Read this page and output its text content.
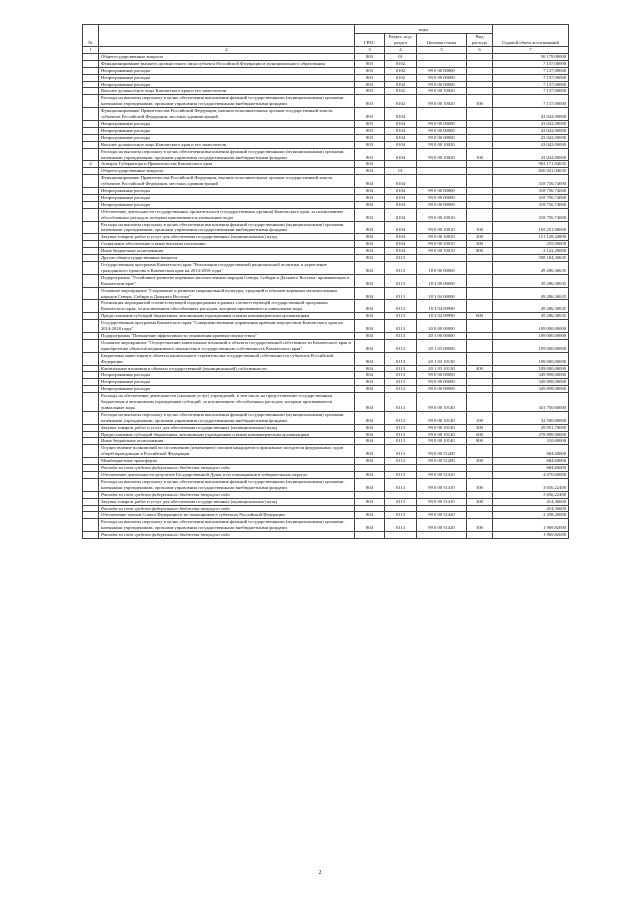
№		коды				Годовой объем ассигнований
		ГРБС	Раздел, под-раздел	Целевая статья	Вид расхода	
1	2	3	4	5	6	7
	Общегосударственные вопросы	803	01			50 179,00000
	Функционирование высшего должностного лица субъекта Российской Федерации и муниципального образования	803	0102			7 137,00000
	Непрограммные расходы	803	0102	99 0 00 00000		7 137,00000
	Непрограммные расходы	803	0102	99 0 00 00000		7 137,00000
	Непрограммные расходы	803	0102	99 0 00 00000		7 137,00000
	Высшее должностное лицо Камчатского края и его заместители	803	0102	99 0 00 10020		7 137,00000
	Расходы на выплаты персоналу в целях обеспечения выполнения функций государственными (муниципальными) органами, казенными учреждениями, органами управления государственными внебюджетными фондами	803	0102	99 0 00 10020	100	7 137,00000
	Функционирование Правительства Российской Федерации, высших исполнительных органов государственной власти субъектов Российской Федерации, местных администраций	803	0104			43 042,00000
	Непрограммные расходы	803	0104	99 0 00 00000		43 042,00000
	Непрограммные расходы	803	0104	99 0 00 00000		43 042,00000
	Непрограммные расходы	803	0104	99 0 00 00000		43 042,00000
	Высшее должностное лицо Камчатского края и его заместители	803	0104	99 0 00 10020		43 042,00000
	Расходы на выплаты персоналу в целях обеспечения выполнения функций государственными (муниципальными) органами, казенными учреждениями, органами управления государственными внебюджетными фондами	803	0104	99 0 00 10020	100	43 042,00000
4	Аппарат Губернатора и Правительства Камчатского края	804				963 171,84635
	Общегосударственные вопросы	804	01			826 941,04635
	Функционирование Правительства Российской Федерации, высших исполнительных органов государственной власти субъектов Российской Федерации, местных администраций	804	0104			318 756,74000
	Непрограммные расходы	804	0104	99 0 00 00000		318 756,74000
	Непрограммные расходы	804	0104	99 0 00 00000		318 756,74000
	Непрограммные расходы	804	0104	99 0 00 00000		318 756,74000
	Обеспечение деятельности государственных органов власти (государственных органов) Камчатского края, за исключением обособленных расходов, которым присваиваются уникальные коды	804	0104	99 0 00 10010		318 756,74000
	Расходы на выплаты персоналу в целях обеспечения выполнения функций государственными (муниципальными) органами, казенными учреждениями, органами управления государственными внебюджетными фондами	804	0104	99 0 00 10010	100	165 251,00000
	Закупка товаров, работ и услуг для обеспечения государственных (муниципальных) нужд	804	0104	99 0 00 10010	200	151 128,44809
	Социальное обеспечение и иные выплаты населению	804	0104	99 0 00 10010	300	255,00000
	Иные бюджетные ассигнования	804	0104	99 0 00 10010	800	2 122,29000
	Другие общегосударственные вопросы	804	0113			508 184,30635
	Государственная программа Камчатского края "Реализация государственной национальной политики и укрепление гражданского единства в Камчатском крае на 2014-2018 годы"	804	0113	18 0 00 00000		49 286,30635
	Подпрограмма "Устойчивое развитие коренных малочисленных народов Севера, Сибири и Дальнего Востока, проживающих в Камчатском крае"	804	0113	18 3 00 00000		49 286,30635
	Основное мероприятие "Сохранение и развитие национальной культуры, традиций и обычаев коренных малочисленных народов Севера, Сибири и Дальнего Востока"	804	0113	18 3 04 00000		49 286,30635
	Реализация мероприятий соответствующей подпрограммы в рамках соответствующей государственной программы Камчатского края, за исключением обособленных расходов, которым присваиваются уникальные коды	804	0113	18 3 04 09990		49 286,30635
	Предоставление субсидий бюджетным, автономным учреждениям и иным некоммерческим организациям	804	0113	18 3 04 09990	600	49 286,30635
	Государственная программа Камчатского края "Совершенствование управления краевым имуществом Камчатского края на 2014-2018 годы"	804	0113	20 0 00 00000		109 000,00000
	Подпрограмма "Повышение эффективности управления краевым имуществом"	804	0113	20 1 00 00000		109 000,00000
	Основное мероприятие "Осуществление капитальных вложений в объекты государственной собственности Камчатского края и приобретение объектов недвижимого имущества в государственную собственность Камчатского края"	804	0113	20 1 03 00000		109 000,00000
	Бюджетные инвестиции в объекты капитального строительства государственной собственности субъектов Российской Федерации	804	0113	20 1 03 10130		109 000,00000
	Капитальные вложения в объекты государственной (муниципальной) собственности	804	0113	20 1 03 10130	400	109 000,00000
	Непрограммные расходы	804	0113	99 0 00 00000		349 898,00000
	Непрограммные расходы	804	0113	99 0 00 00000		349 898,00000
	Непрограммные расходы	804	0113	99 0 00 00000		349 898,00000
	Расходы на обеспечение деятельности (оказание услуг) учреждений, в том числе на предоставление государственным бюджетным и автономным учреждениям субсидий, за исключением обособленных расходов, которым присваиваются уникальные коды	804	0113	99 0 00 10140		341 750,60000
	Расходы на выплаты персоналу в целях обеспечения выполнения функций государственными (муниципальными) органами, казенными учреждениями, органами управления государственными внебюджетными фондами	804	0113	99 0 00 10140	100	32 590,00000
	Закупка товаров, работ и услуг для обеспечения государственных (муниципальных) нужд	804	0113	99 0 00 10140	200	29 951,70000
	Предоставление субсидий бюджетным, автономным учреждениям и иным некоммерческим организациям	804	0113	99 0 00 10140	600	278 898,90000
	Иные бюджетные ассигнования	804	0113	99 0 00 10140	800	310,00000
	Осуществление полномочий по составлению (изменению) списков кандидатов в присяжные заседатели федеральных судов общей юрисдикции в Российской Федерации	804	0113	99 0 00 51200		684,60000
	Межбюджетные трансферты	804	0113	99 0 00 51200	500	684,60000
	Расходы за счет средств федерального бюджета текущего года					684,60000
	Обеспечение деятельности депутатов Государственной Думы и их помощников в избирательных округах	804	0113	99 0 00 51410		4 070,60000
	Расходы на выплаты персоналу в целях обеспечения выполнения функций государственными (муниципальными) органами, казенными учреждениями, органами управления государственными внебюджетными фондами	804	0113	99 0 00 51410	100	3 656,22400
	Расходы за счет средств федерального бюджета текущего года					3 656,22400
	Закупка товаров, работ и услуг для обеспечения государственных (муниципальных) нужд	804	0113	99 0 00 51410	200	414,36600
	Расходы за счет средств федерального бюджета текущего года					414,36600
	Обеспечение членов Совета Федерации и их помощников в субъектах Российской Федерации	804	0113	99 0 00 51420		2 298,20000
	Расходы на выплаты персоналу в целях обеспечения выполнения функций государственными (муниципальными) органами, казенными учреждениями, органами управления государственными внебюджетными фондами	804	0113	99 0 00 51420	100	1 969,82000
	Расходы за счет средств федерального бюджета текущего года					1 969,82000
2
